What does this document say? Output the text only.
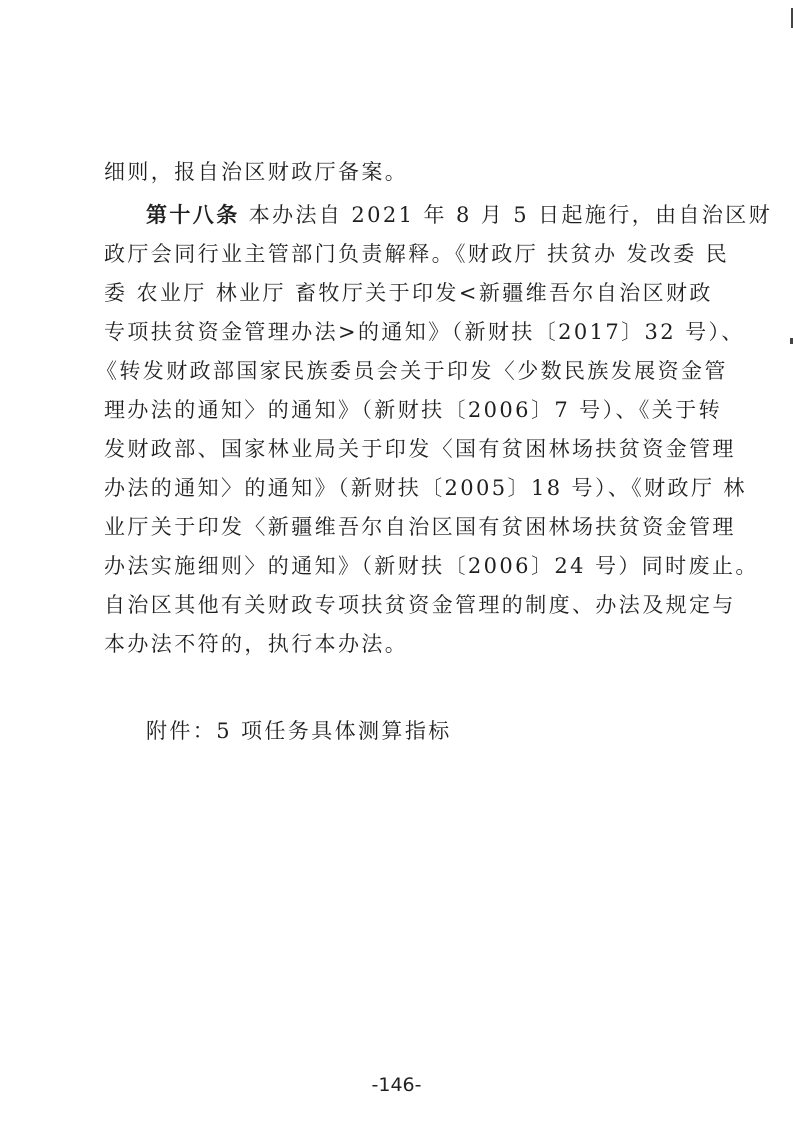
细则，报自治区财政厅备案。
第十八条 本办法自 2021 年 8 月 5 日起施行，由自治区财
政厅会同行业主管部门负责解释。《财政厅 扶贫办 发改委 民
委 农业厅 林业厅 畜牧厅关于印发<新疆维吾尔自治区财政
专项扶贫资金管理办法>的通知》（新财扶〔2017〕32 号）、
《转发财政部国家民族委员会关于印发〈少数民族发展资金管
理办法的通知〉的通知》（新财扶〔2006〕7 号）、《关于转
发财政部、国家林业局关于印发〈国有贫困林场扶贫资金管理
办法的通知〉的通知》（新财扶〔2005〕18 号）、《财政厅 林
业厅关于印发〈新疆维吾尔自治区国有贫困林场扶贫资金管理
办法实施细则〉的通知》（新财扶〔2006〕24 号）同时废止。
自治区其他有关财政专项扶贫资金管理的制度、办法及规定与
本办法不符的，执行本办法。
附件：5 项任务具体测算指标
-146-
